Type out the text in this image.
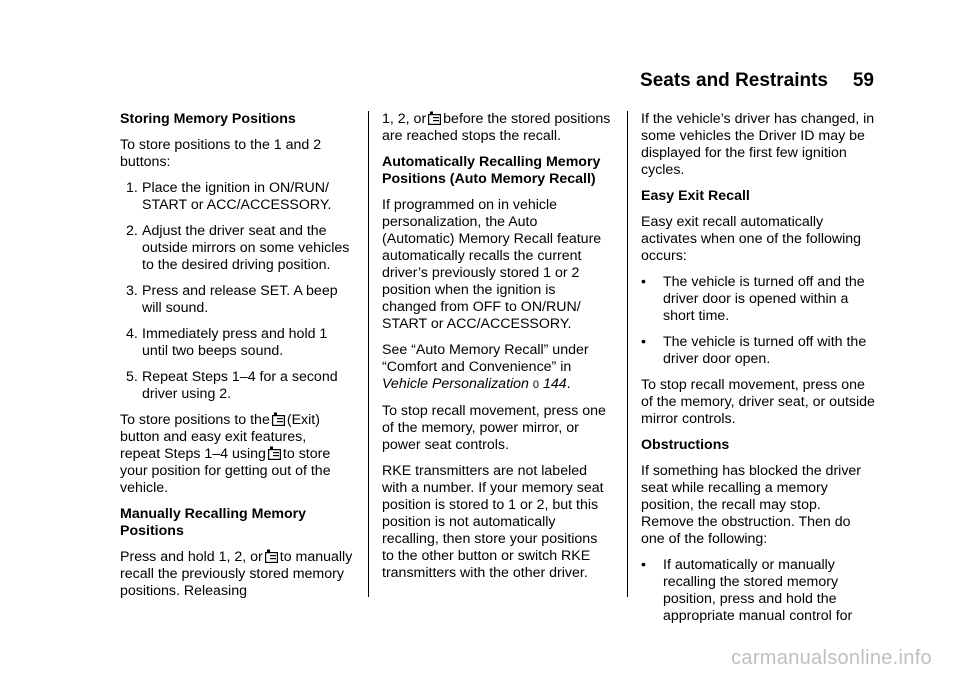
Seats and Restraints 59
Storing Memory Positions

To store positions to the 1 and 2 buttons:

1. Place the ignition in ON/RUN/ START or ACC/ACCESSORY.
2. Adjust the driver seat and the outside mirrors on some vehicles to the desired driving position.
3. Press and release SET. A beep will sound.
4. Immediately press and hold 1 until two beeps sound.
5. Repeat Steps 1–4 for a second driver using 2.

To store positions to the (Exit) button and easy exit features,
repeat Steps 1–4 using to store your position for getting out of the vehicle.

Manually Recalling Memory Positions

Press and hold 1, 2, or to manually recall the previously stored memory positions. Releasing

1, 2, or before the stored positions are reached stops the recall.

Automatically Recalling Memory Positions (Auto Memory Recall)

If programmed on in vehicle personalization, the Auto (Automatic) Memory Recall feature automatically recalls the current driver’s previously stored 1 or 2 position when the ignition is changed from OFF to ON/RUN/ START or ACC/ACCESSORY.

See “Auto Memory Recall” under “Comfort and Convenience” in Vehicle Personalization 0 144.

To stop recall movement, press one of the memory, power mirror, or power seat controls.

RKE transmitters are not labeled with a number. If your memory seat position is stored to 1 or 2, but this position is not automatically recalling, then store your positions to the other button or switch RKE transmitters with the other driver.

If the vehicle’s driver has changed, in some vehicles the Driver ID may be displayed for the first few ignition cycles.

Easy Exit Recall

Easy exit recall automatically activates when one of the following occurs:

• The vehicle is turned off and the driver door is opened within a short time.
• The vehicle is turned off with the driver door open.

To stop recall movement, press one of the memory, driver seat, or outside mirror controls.

Obstructions

If something has blocked the driver seat while recalling a memory position, the recall may stop. Remove the obstruction. Then do one of the following:

• If automatically or manually recalling the stored memory position, press and hold the appropriate manual control for
carmanualsonline.info
